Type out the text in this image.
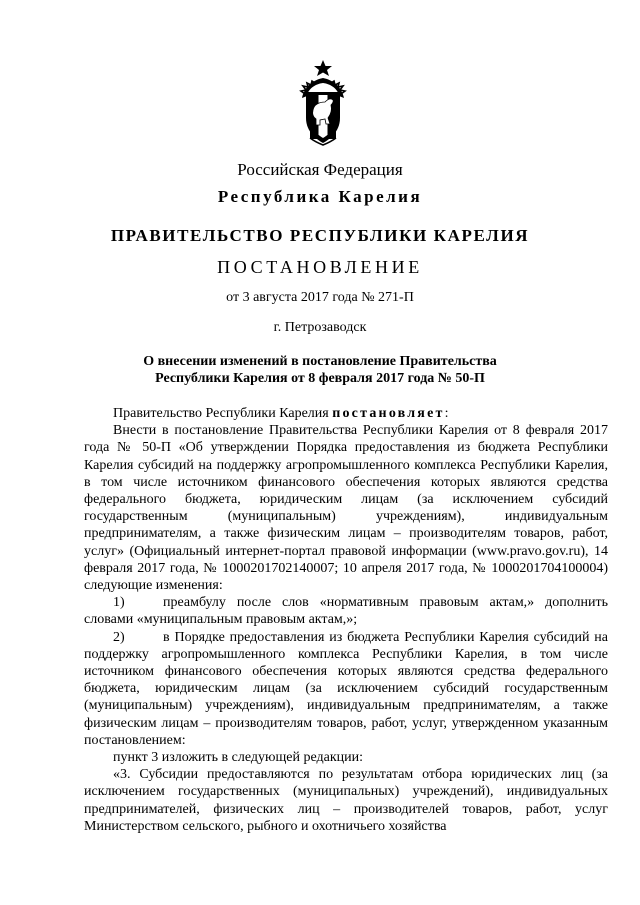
Российская Федерация
Республика Карелия
ПРАВИТЕЛЬСТВО РЕСПУБЛИКИ КАРЕЛИЯ
ПОСТАНОВЛЕНИЕ
от 3 августа 2017 года № 271-П
г. Петрозаводск
О внесении изменений в постановление Правительства
Республики Карелия от 8 февраля 2017 года № 50-П

Правительство Республики Карелия постановляет:

Внести в постановление Правительства Республики Карелия от 8 февраля 2017 года № 50-П «Об утверждении Порядка предоставления из бюджета Республики Карелия субсидий на поддержку агропромышленного комплекса Республики Карелия, в том числе источником финансового обеспечения которых являются средства федерального бюджета, юридическим лицам (за исключением субсидий государственным (муниципальным) учреждениям), индивидуальным предпринимателям, а также физическим лицам – производителям товаров, работ, услуг» (Официальный интернет-портал правовой информации (www.pravo.gov.ru), 14 февраля 2017 года, № 1000201702140007; 10 апреля 2017 года, № 1000201704100004) следующие изменения:

1)	преамбулу после слов «нормативным правовым актам,» дополнить словами «муниципальным правовым актам,»;

2)	в Порядке предоставления из бюджета Республики Карелия субсидий на поддержку агропромышленного комплекса Республики Карелия, в том числе источником финансового обеспечения которых являются средства федерального бюджета, юридическим лицам (за исключением субсидий государственным (муниципальным) учреждениям), индивидуальным предпринимателям, а также физическим лицам – производителям товаров, работ, услуг, утвержденном указанным постановлением:

пункт 3 изложить в следующей редакции:

«3. Субсидии предоставляются по результатам отбора юридических лиц (за исключением государственных (муниципальных) учреждений), индивидуальных предпринимателей, физических лиц – производителей товаров, работ, услуг Министерством сельского, рыбного и охотничьего хозяйства
